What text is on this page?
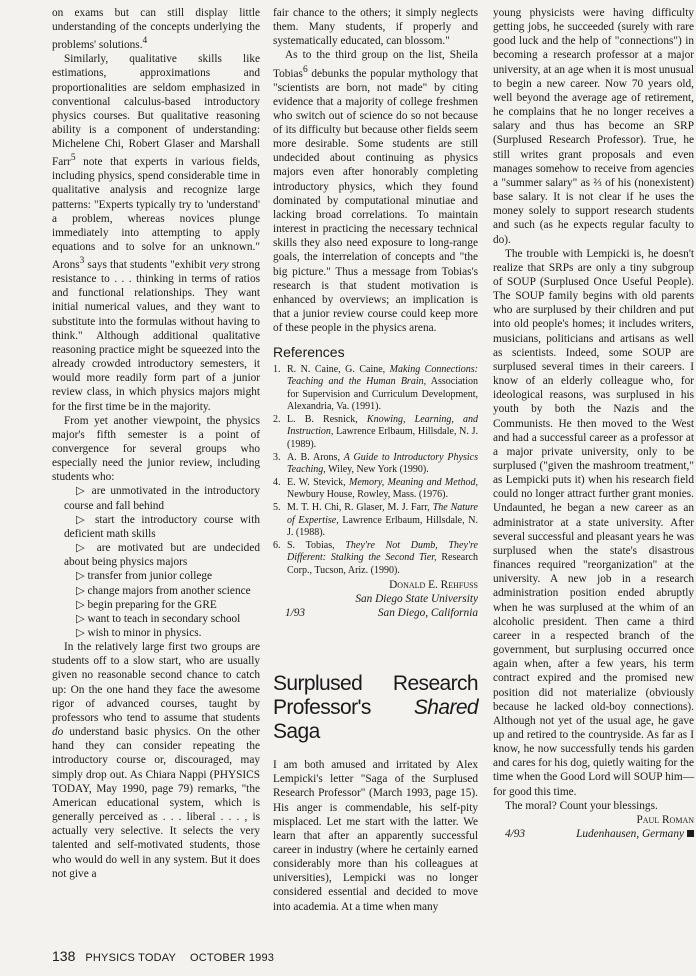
on exams but can still display little understanding of the concepts underlying the problems' solutions.$^4$

Similarly, qualitative skills like estimations, approximations and proportionalities are seldom emphasized in conventional calculus-based introductory physics courses. But qualitative reasoning ability is a component of understanding: Michelene Chi, Robert Glaser and Marshall Farr$^5$ note that experts in various fields, including physics, spend considerable time in qualitative analysis and recognize large patterns: "Experts typically try to 'understand' a problem, whereas novices plunge immediately into attempting to apply equations and to solve for an unknown." Arons$^3$ says that students "exhibit very strong resistance to . . . thinking in terms of ratios and functional relationships. They want initial numerical values, and they want to substitute into the formulas without having to think." Although additional qualitative reasoning practice might be squeezed into the already crowded introductory semesters, it would more readily form part of a junior review class, in which physics majors might for the first time be in the majority.

From yet another viewpoint, the physics major's fifth semester is a point of convergence for several groups who especially need the junior review, including students who:

▷ are unmotivated in the introductory course and fall behind

▷ start the introductory course with deficient math skills

▷ are motivated but are undecided about being physics majors

▷ transfer from junior college

▷ change majors from another science

▷ begin preparing for the GRE

▷ want to teach in secondary school

▷ wish to minor in physics.

In the relatively large first two groups are students off to a slow start, who are usually given no reasonable second chance to catch up: On the one hand they face the awesome rigor of advanced courses, taught by professors who tend to assume that students do understand basic physics. On the other hand they can consider repeating the introductory course or, discouraged, may simply drop out. As Chiara Nappi (PHYSICS TODAY, May 1990, page 79) remarks, "the American educational system, which is generally perceived as . . . liberal . . . , is actually very selective. It selects the very talented and self-motivated students, those who would do well in any system. But it does not give a

fair chance to the others; it simply neglects them. Many students, if properly and systematically educated, can blossom."

As to the third group on the list, Sheila Tobias$^6$ debunks the popular mythology that "scientists are born, not made" by citing evidence that a majority of college freshmen who switch out of science do so not because of its difficulty but because other fields seem more desirable. Some students are still undecided about continuing as physics majors even after honorably completing introductory physics, which they found dominated by computational minutiae and lacking broad correlations. To maintain interest in practicing the necessary technical skills they also need exposure to long-range goals, the interrelation of concepts and "the big picture." Thus a message from Tobias's research is that student motivation is enhanced by overviews; an implication is that a junior review course could keep more of these people in the physics arena.

References
1. R. N. Caine, G. Caine, Making Connections: Teaching and the Human Brain, Association for Supervision and Curriculum Development, Alexandria, Va. (1991).
2. L. B. Resnick, Knowing, Learning, and Instruction, Lawrence Erlbaum, Hillsdale, N. J. (1989).
3. A. B. Arons, A Guide to Introductory Physics Teaching, Wiley, New York (1990).
4. E. W. Stevick, Memory, Meaning and Method, Newbury House, Rowley, Mass. (1976).
5. M. T. H. Chi, R. Glaser, M. J. Farr, The Nature of Expertise, Lawrence Erlbaum, Hillsdale, N. J. (1988).
6. S. Tobias, They're Not Dumb, They're Different: Stalking the Second Tier, Research Corp., Tucson, Ariz. (1990).

Donald E. Rehfuss

San Diego State University

1/93	San Diego, California

Surplused Research Professor's Shared Saga

I am both amused and irritated by Alex Lempicki's letter "Saga of the Surplused Research Professor" (March 1993, page 15). His anger is commendable, his self-pity misplaced. Let me start with the latter. We learn that after an apparently successful career in industry (where he certainly earned considerably more than his colleagues at universities), Lempicki was no longer considered essential and decided to move into academia. At a time when many

young physicists were having difficulty getting jobs, he succeeded (surely with rare good luck and the help of "connections") in becoming a research professor at a major university, at an age when it is most unusual to begin a new career. Now 70 years old, well beyond the average age of retirement, he complains that he no longer receives a salary and thus has become an SRP (Surplused Research Professor). True, he still writes grant proposals and even manages somehow to receive from agencies a "summer salary" as ⅔ of his (nonexistent) base salary. It is not clear if he uses the money solely to support research students and such (as he expects regular faculty to do).

The trouble with Lempicki is, he doesn't realize that SRPs are only a tiny subgroup of SOUP (Surplused Once Useful People). The SOUP family begins with old parents who are surplused by their children and put into old people's homes; it includes writers, musicians, politicians and artisans as well as scientists. Indeed, some SOUP are surplused several times in their careers. I know of an elderly colleague who, for ideological reasons, was surplused in his youth by both the Nazis and the Communists. He then moved to the West and had a successful career as a professor at a major private university, only to be surplused ("given the mashroom treatment," as Lempicki puts it) when his research field could no longer attract further grant monies. Undaunted, he began a new career as an administrator at a state university. After several successful and pleasant years he was surplused when the state's disastrous finances required "reorganization" at the university. A new job in a research administration position ended abruptly when he was surplused at the whim of an alcoholic president. Then came a third career in a respected branch of the government, but surplusing occurred once again when, after a few years, his term contract expired and the promised new position did not materialize (obviously because he lacked old-boy connections). Although not yet of the usual age, he gave up and retired to the countryside. As far as I know, he now successfully tends his garden and cares for his dog, quietly waiting for the time when the Good Lord will SOUP him—for good this time.

The moral? Count your blessings.

Paul Roman

4/93	Ludenhausen, Germany

138 PHYSICS TODAY OCTOBER 1993
